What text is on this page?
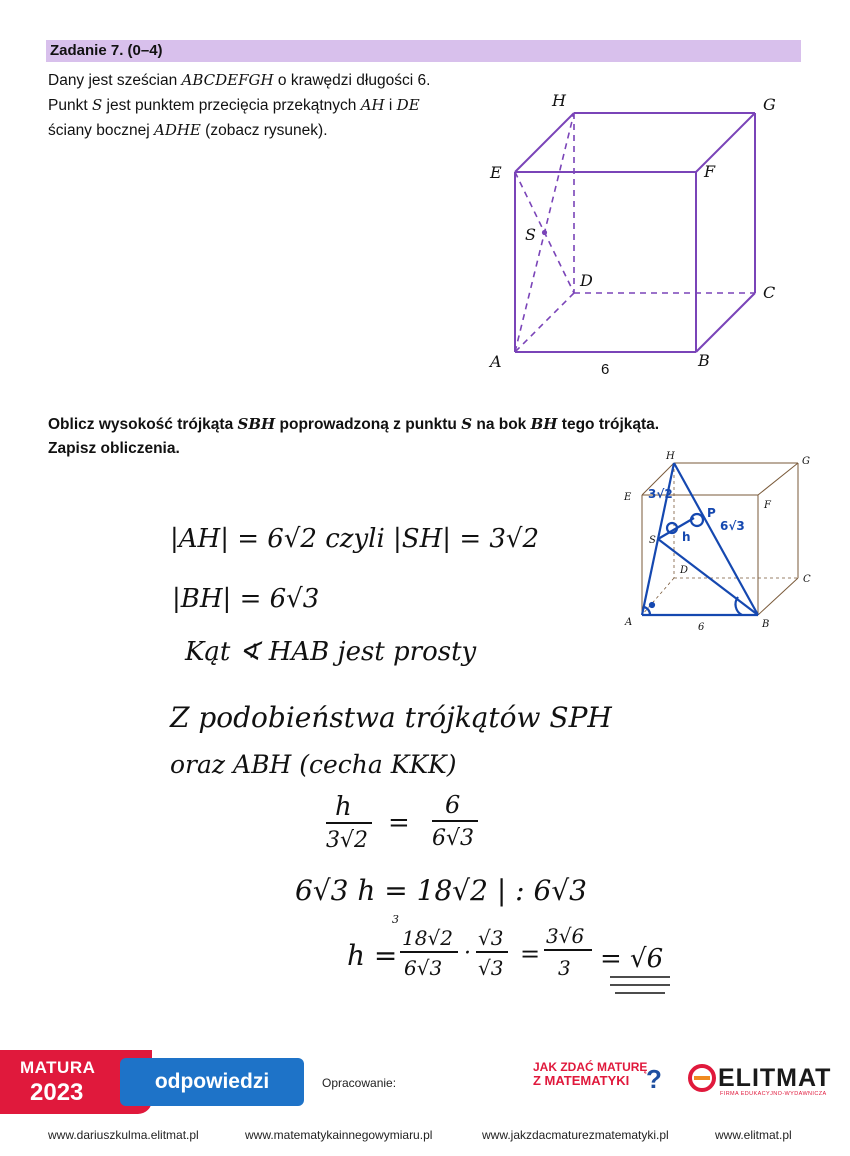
Zadanie 7. (0–4)
Dany jest sześcian ABCDEFGH o krawędzi długości 6. Punkt S jest punktem przecięcia przekątnych AH i DE ściany bocznej ADHE (zobacz rysunek).
H	G
E	F
S
D
C
A	B
6
Oblicz wysokość trójkąta SBH poprowadzoną z punktu S na bok BH tego trójkąta.
Zapisz obliczenia.	H	G
E
F
S
D
C
A	B
6
3√2
P
h
6√3
|AH| = 6√2 czyli |SH| = 3√2
|BH| = 6√3
Kąt ∢ HAB jest prosty
Z podobieństwa trójkątów SPH
oraz ABH (cecha KKK)
h
3√2
=
6
6√3
6√3 h = 18√2 | : 6√3
h =
3
18√2
6√3
·
√3
√3 =
3√6
3 = √6
MATURA
2023	odpowiedzi	Opracowanie:
JAK ZDAĆ MATURĘ
Z MATEMATYKI ? ELITMAT
FIRMA EDUKACYJNO-WYDAWNICZA
www.dariuszkulma.elitmat.pl	www.matematykainnegowymiaru.pl	www.jakzdacmaturezmatematyki.pl	www.elitmat.pl
